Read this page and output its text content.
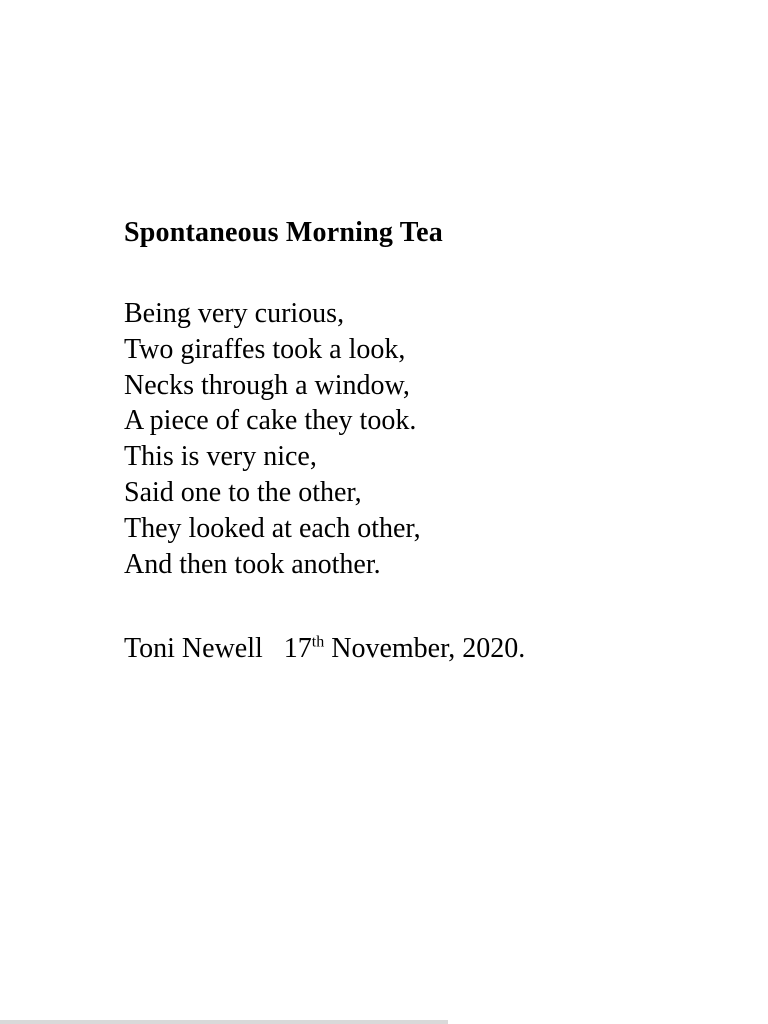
Spontaneous Morning Tea

Being very curious,

Two giraffes took a look,

Necks through a window,

A piece of cake they took.

This is very nice,

Said one to the other,

They looked at each other,

And then took another.

Toni Newell 17th November, 2020.
